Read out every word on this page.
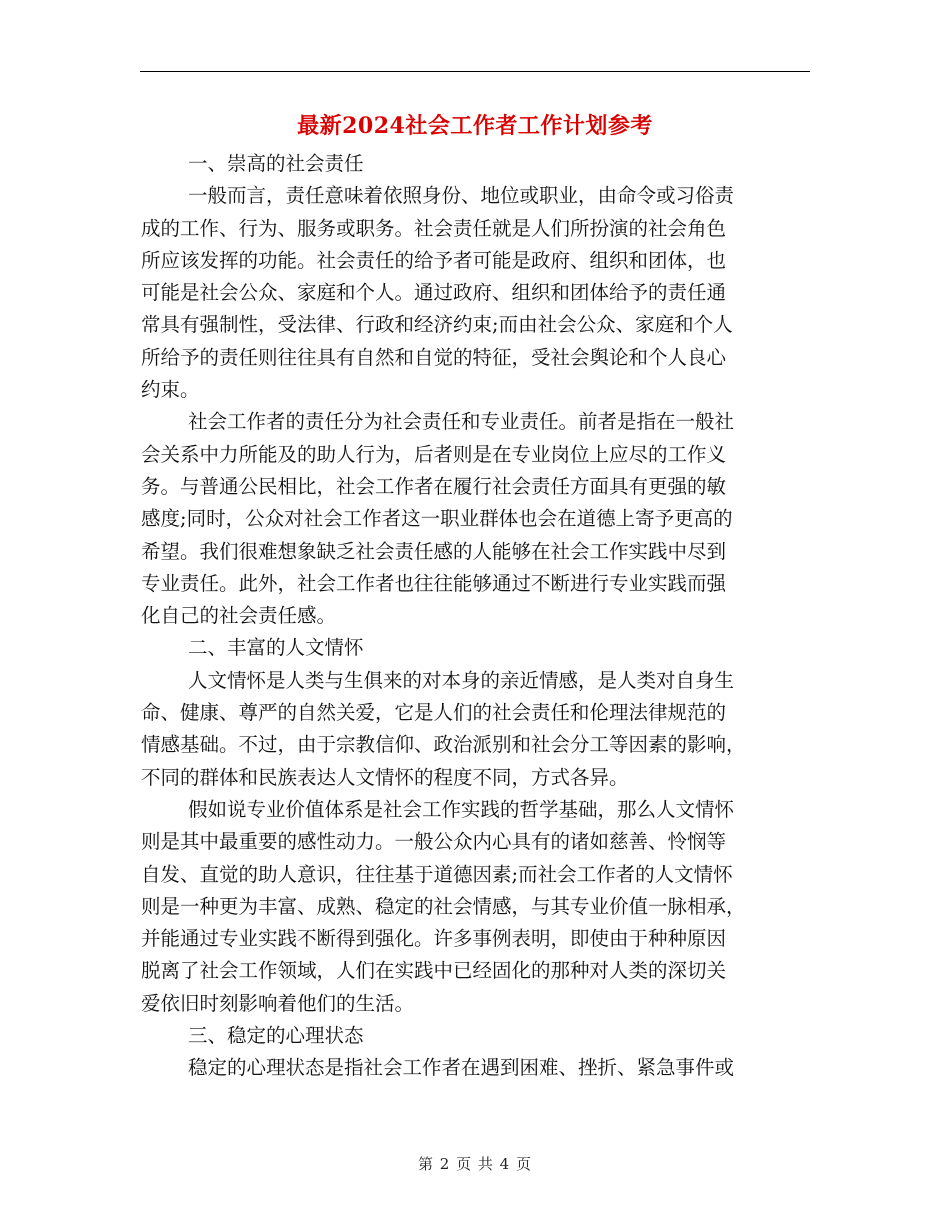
最新2024社会工作者工作计划参考
一、崇高的社会责任
一般而言，责任意味着依照身份、地位或职业，由命令或习俗责
成的工作、行为、服务或职务。社会责任就是人们所扮演的社会角色
所应该发挥的功能。社会责任的给予者可能是政府、组织和团体，也
可能是社会公众、家庭和个人。通过政府、组织和团体给予的责任通
常具有强制性，受法律、行政和经济约束;而由社会公众、家庭和个人
所给予的责任则往往具有自然和自觉的特征，受社会舆论和个人良心
约束。
社会工作者的责任分为社会责任和专业责任。前者是指在一般社
会关系中力所能及的助人行为，后者则是在专业岗位上应尽的工作义
务。与普通公民相比，社会工作者在履行社会责任方面具有更强的敏
感度;同时，公众对社会工作者这一职业群体也会在道德上寄予更高的
希望。我们很难想象缺乏社会责任感的人能够在社会工作实践中尽到
专业责任。此外，社会工作者也往往能够通过不断进行专业实践而强
化自己的社会责任感。
二、丰富的人文情怀
人文情怀是人类与生俱来的对本身的亲近情感，是人类对自身生
命、健康、尊严的自然关爱，它是人们的社会责任和伦理法律规范的
情感基础。不过，由于宗教信仰、政治派别和社会分工等因素的影响，
不同的群体和民族表达人文情怀的程度不同，方式各异。
假如说专业价值体系是社会工作实践的哲学基础，那么人文情怀
则是其中最重要的感性动力。一般公众内心具有的诸如慈善、怜悯等
自发、直觉的助人意识，往往基于道德因素;而社会工作者的人文情怀
则是一种更为丰富、成熟、稳定的社会情感，与其专业价值一脉相承，
并能通过专业实践不断得到强化。许多事例表明，即使由于种种原因
脱离了社会工作领域，人们在实践中已经固化的那种对人类的深切关
爱依旧时刻影响着他们的生活。
三、稳定的心理状态
稳定的心理状态是指社会工作者在遇到困难、挫折、紧急事件或
第 2 页 共 4 页
